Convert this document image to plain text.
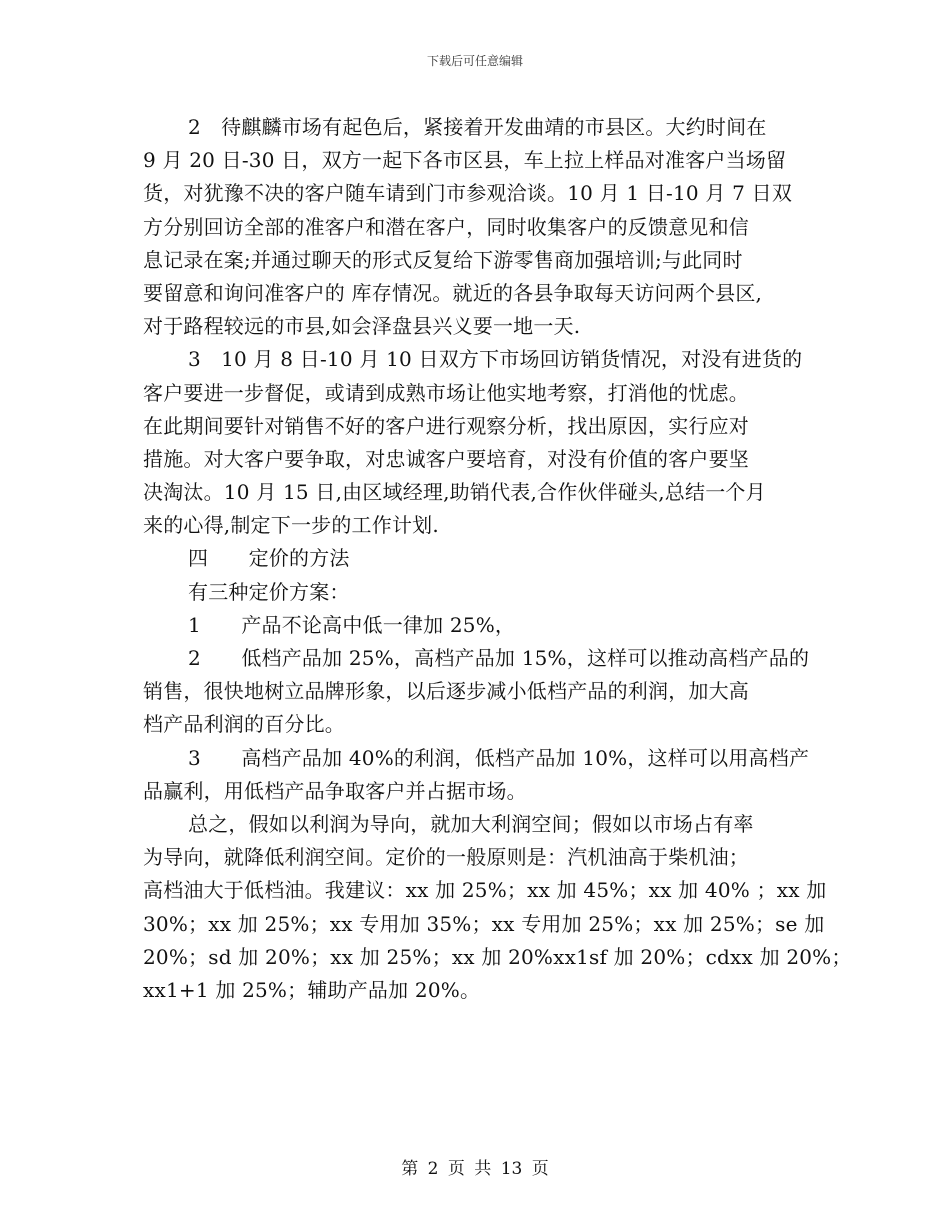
下载后可任意编辑
2　待麒麟市场有起色后，紧接着开发曲靖的市县区。大约时间在
9 月 20 日-30 日，双方一起下各市区县，车上拉上样品对准客户当场留
货，对犹豫不决的客户随车请到门市参观洽谈。10 月 1 日-10 月 7 日双
方分别回访全部的准客户和潜在客户，同时收集客户的反馈意见和信
息记录在案;并通过聊天的形式反复给下游零售商加强培训;与此同时
要留意和询问准客户的 库存情况。就近的各县争取每天访问两个县区,
对于路程较远的市县,如会泽盘县兴义要一地一天.
3　10 月 8 日-10 月 10 日双方下市场回访销货情况，对没有进货的
客户要进一步督促，或请到成熟市场让他实地考察，打消他的忧虑。
在此期间要针对销售不好的客户进行观察分析，找出原因，实行应对
措施。对大客户要争取，对忠诚客户要培育，对没有价值的客户要坚
决淘汰。10 月 15 日,由区域经理,助销代表,合作伙伴碰头,总结一个月
来的心得,制定下一步的工作计划.
四　　定价的方法
有三种定价方案：
1　　产品不论高中低一律加 25%，
2　　低档产品加 25%，高档产品加 15%，这样可以推动高档产品的
销售，很快地树立品牌形象，以后逐步减小低档产品的利润，加大高
档产品利润的百分比。
3　　高档产品加 40%的利润，低档产品加 10%，这样可以用高档产
品赢利，用低档产品争取客户并占据市场。
总之，假如以利润为导向，就加大利润空间；假如以市场占有率
为导向，就降低利润空间。定价的一般原则是：汽机油高于柴机油；
高档油大于低档油。我建议：xx 加 25%；xx 加 45%；xx 加 40% ；xx 加
30%；xx 加 25%；xx 专用加 35%；xx 专用加 25%；xx 加 25%；se 加
20%；sd 加 20%；xx 加 25%；xx 加 20%xx1sf 加 20%；cdxx 加 20%；
xx1+1 加 25%；辅助产品加 20%。
第 2 页 共 13 页
